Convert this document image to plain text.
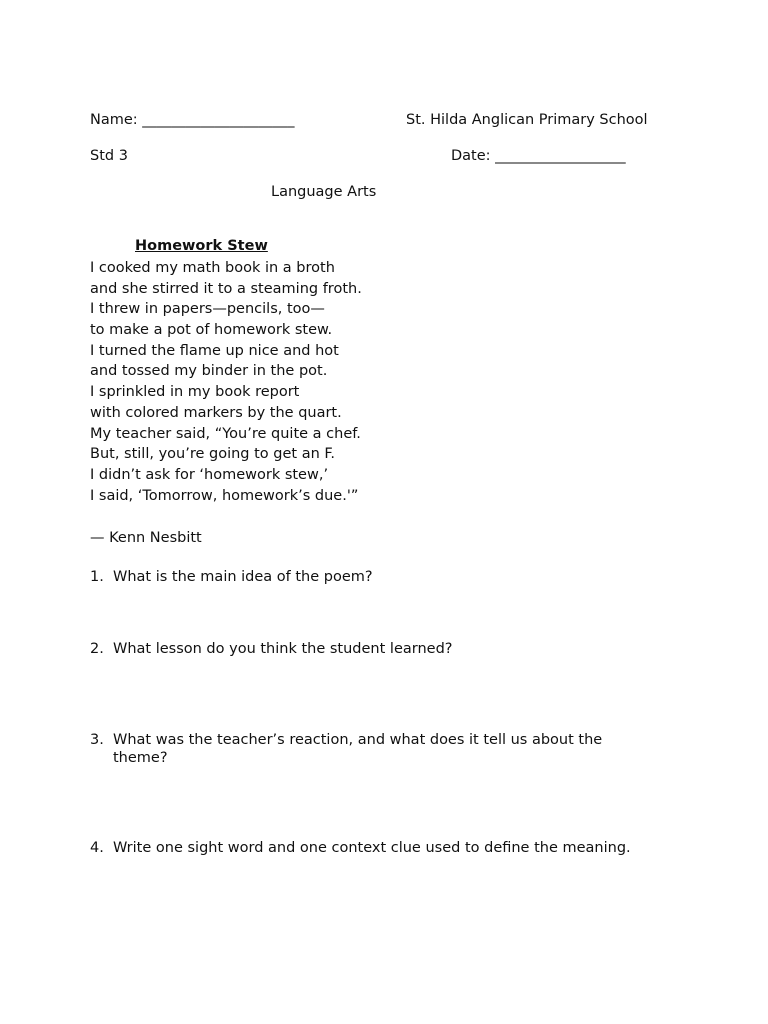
Name: _____________________	St. Hilda Anglican Primary School
Std 3	Date: __________________
Language Arts
Homework Stew
I cooked my math book in a broth
and she stirred it to a steaming froth.
I threw in papers—pencils, too—
to make a pot of homework stew.
I turned the flame up nice and hot
and tossed my binder in the pot.
I sprinkled in my book report
with colored markers by the quart.
My teacher said, “You’re quite a chef.
But, still, you’re going to get an F.
I didn’t ask for ‘homework stew,’
I said, ‘Tomorrow, homework’s due.'”
— Kenn Nesbitt
1. What is the main idea of the poem?
2. What lesson do you think the student learned?
3. What was the teacher’s reaction, and what does it tell us about the theme?
4. Write one sight word and one context clue used to define the meaning.
